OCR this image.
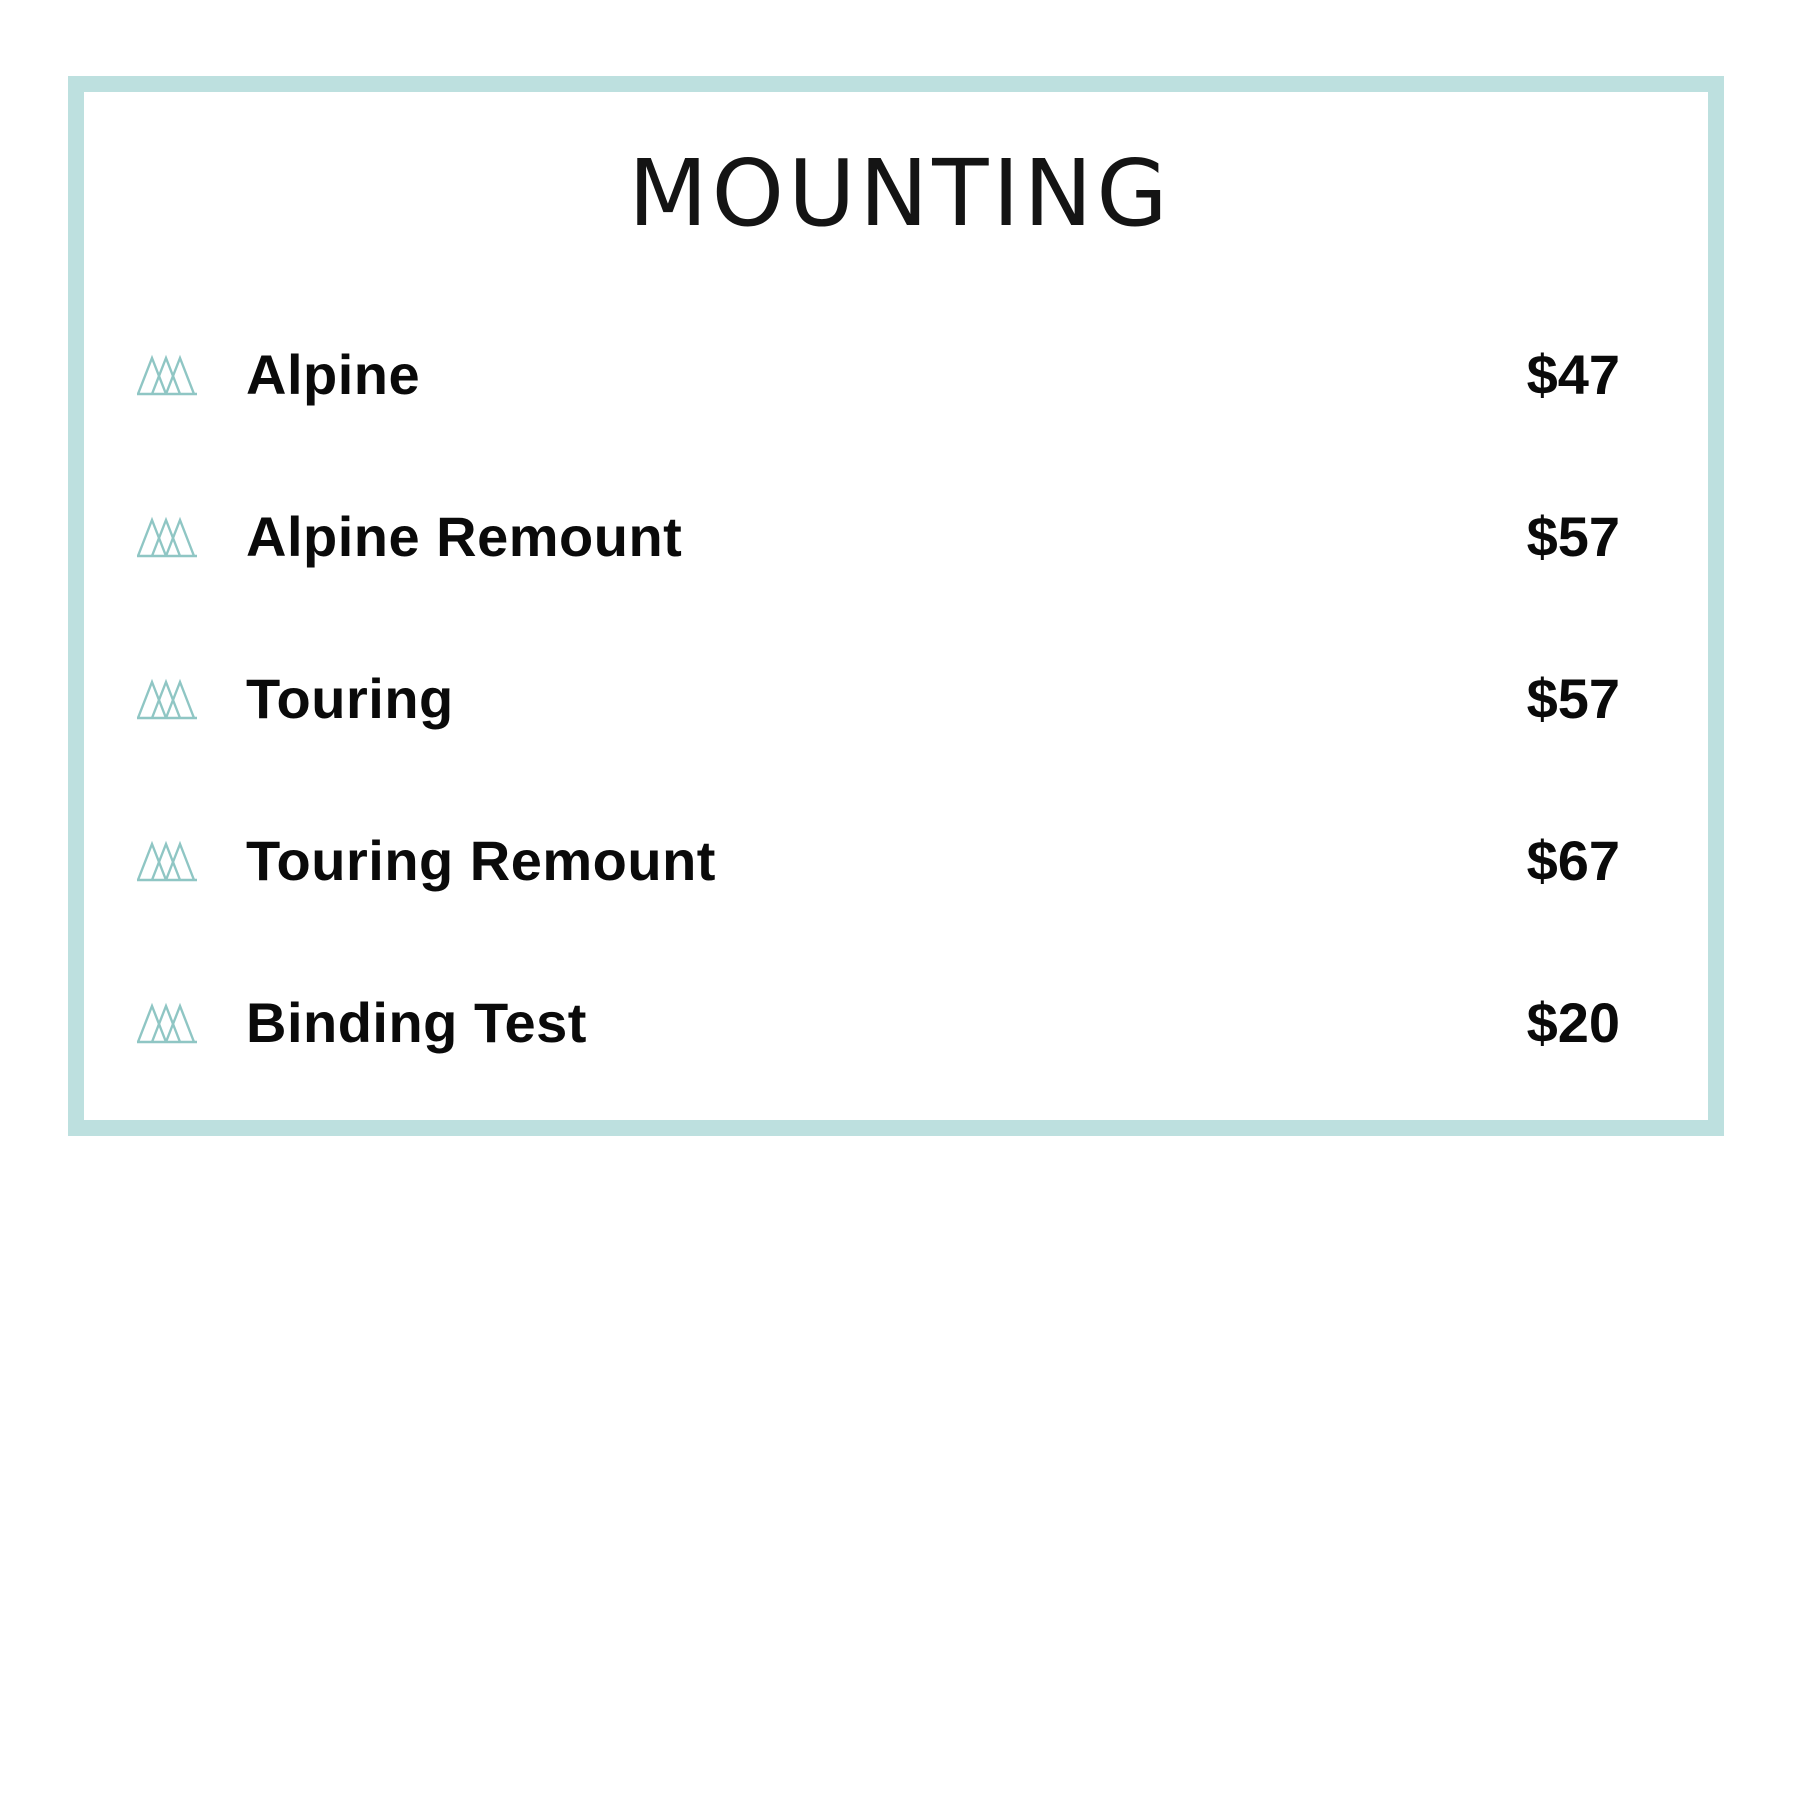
MOUNTING
Alpine	$47
Alpine Remount	$57
Touring	$57
Touring Remount	$67
Binding Test	$20
